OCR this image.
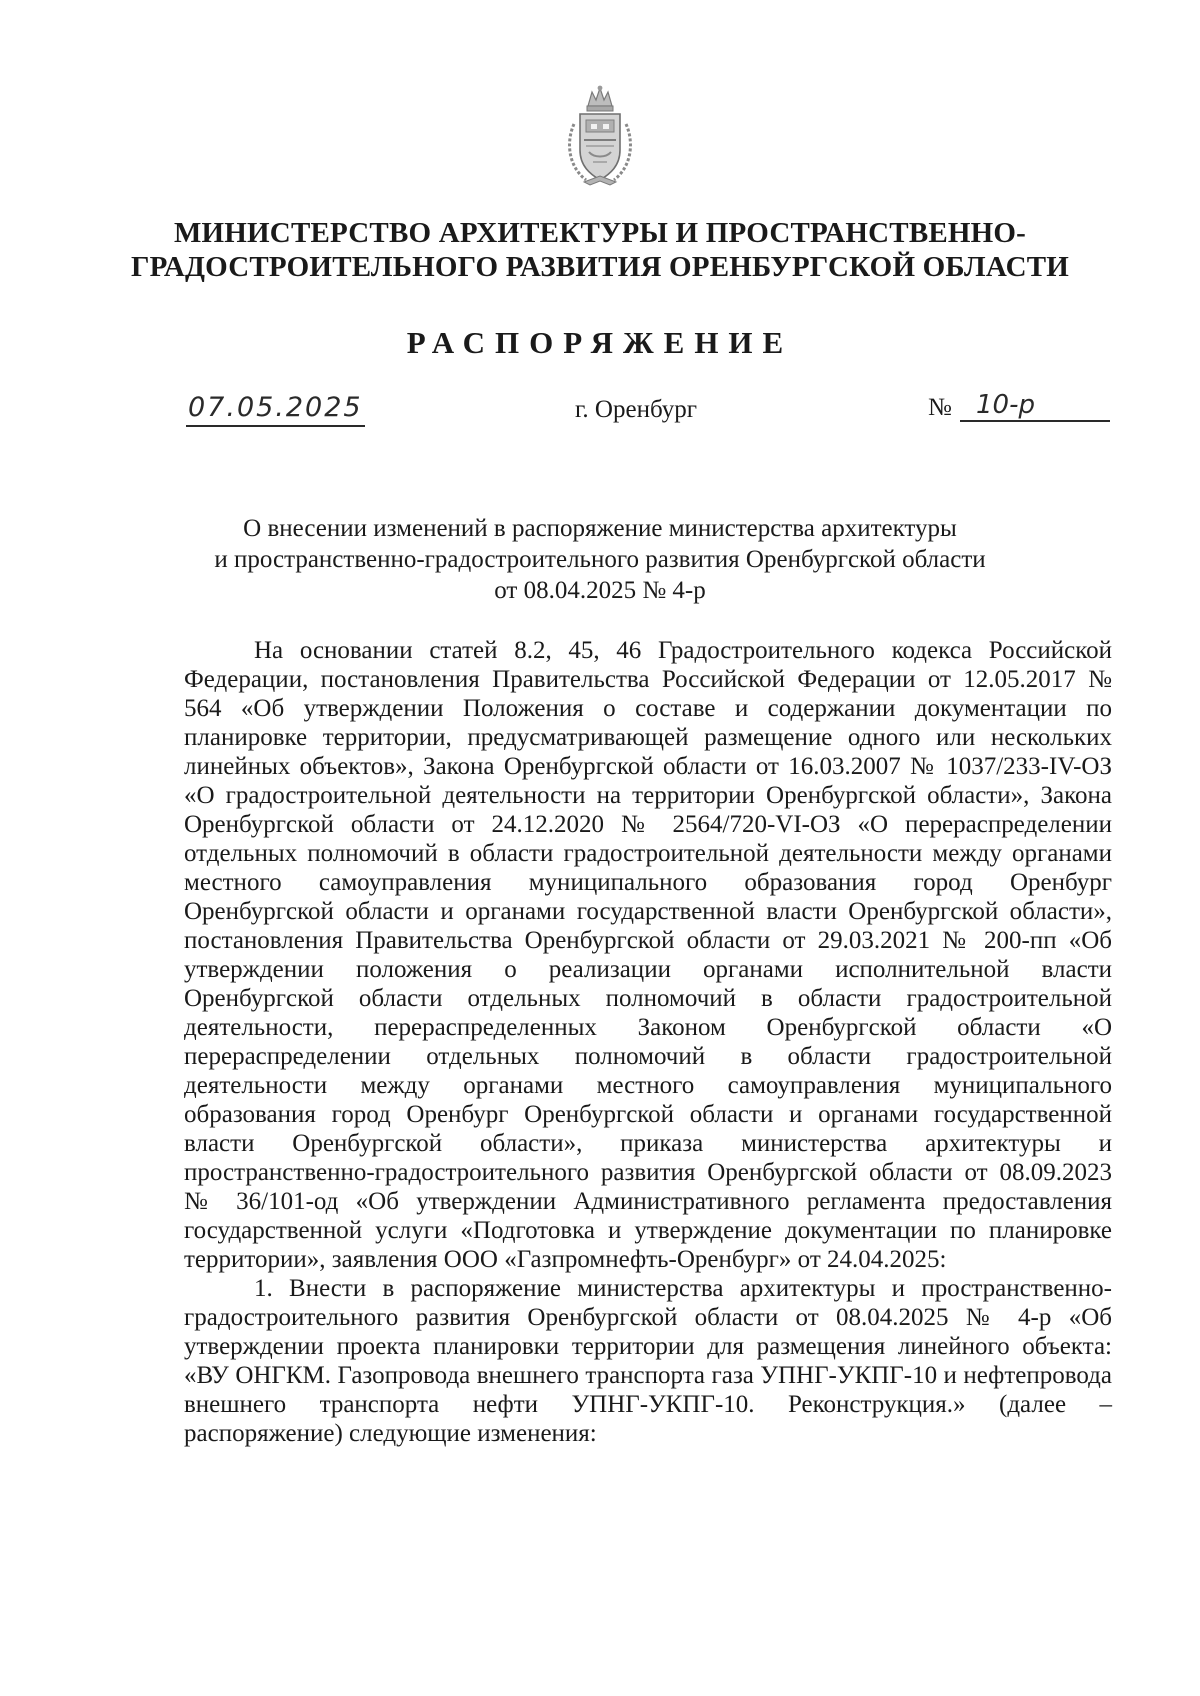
МИНИСТЕРСТВО АРХИТЕКТУРЫ И ПРОСТРАНСТВЕННО-
ГРАДОСТРОИТЕЛЬНОГО РАЗВИТИЯ ОРЕНБУРГСКОЙ ОБЛАСТИ
РАСПОРЯЖЕНИЕ
07.05.2025	г. Оренбург	№ 10-р
О внесении изменений в распоряжение министерства архитектуры
и пространственно-градостроительного развития Оренбургской области
от 08.04.2025 № 4-р

На основании статей 8.2, 45, 46 Градостроительного кодекса Российской Федерации, постановления Правительства Российской Федерации от 12.05.2017 № 564 «Об утверждении Положения о составе и содержании документации по планировке территории, предусматривающей размещение одного или нескольких линейных объектов», Закона Оренбургской области от 16.03.2007 № 1037/233-IV-ОЗ «О градостроительной деятельности на территории Оренбургской области», Закона Оренбургской области от 24.12.2020 № 2564/720-VI-ОЗ «О перераспределении отдельных полномочий в области градостроительной деятельности между органами местного самоуправления муниципального образования город Оренбург Оренбургской области и органами государственной власти Оренбургской области», постановления Правительства Оренбургской области от 29.03.2021 № 200-пп «Об утверждении положения о реализации органами исполнительной власти Оренбургской области отдельных полномочий в области градостроительной деятельности, перераспределенных Законом Оренбургской области «О перераспределении отдельных полномочий в области градостроительной деятельности между органами местного самоуправления муниципального образования город Оренбург Оренбургской области и органами государственной власти Оренбургской области», приказа министерства архитектуры и пространственно-градостроительного развития Оренбургской области от 08.09.2023 № 36/101-од «Об утверждении Административного регламента предоставления государственной услуги «Подготовка и утверждение документации по планировке территории», заявления ООО «Газпромнефть-Оренбург» от 24.04.2025:

1. Внести в распоряжение министерства архитектуры и пространственно-градостроительного развития Оренбургской области от 08.04.2025 № 4-р «Об утверждении проекта планировки территории для размещения линейного объекта: «ВУ ОНГКМ. Газопровода внешнего транспорта газа УПНГ-УКПГ-10 и нефтепровода внешнего транспорта нефти УПНГ-УКПГ-10. Реконструкция.» (далее – распоряжение) следующие изменения:
